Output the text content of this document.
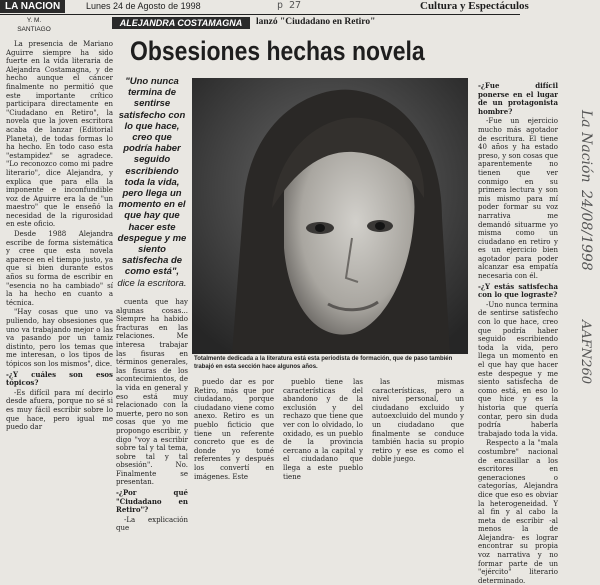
LA NACION	Lunes 24 de Agosto de 1998	p 27	Cultura y Espectáculos
Y. M.
SANTIAGO
ALEJANDRA COSTAMAGNA	lanzó "Ciudadano en Retiro"
Obsesiones hechas novela

La presencia de Mariano Aguirre siempre ha sido fuerte en la vida literaria de Alejandra Costamagna, y de hecho aunque el cáncer finalmente no permitió que este importante crítico participara directamente en "Ciudadano en Retiro", la novela que la joven escritora acaba de lanzar (Editorial Planeta), de todas formas lo ha hecho. En todo caso esta "estampidez" se agradece. "Lo reconozco como mi padre literario", dice Alejandra, y explica que para ella la imponente e inconfundible voz de Aguirre era la de "un maestro" que le enseñó la necesidad de la rigurosidad en este oficio.

Desde 1988 Alejandra escribe de forma sistemática y cree que esta novela aparece en el tiempo justo, ya que si bien durante estos años su forma de escribir en "esencia no ha cambiado" sí la ha hecho en cuanto a técnica.

"Hay cosas que uno va puliendo, hay obsesiones que uno va trabajando mejor o las va pasando por un tamiz distinto, pero los temas que me interesan, o los tipos de tópicos son los mismos", dice.

-¿Y cuáles son esos tópicos?

-Es difícil para mí decirlo desde afuera, porque no sé si es muy fácil escribir sobre lo que hace, pero igual me puedo dar

cuenta que hay algunas cosas... Siempre ha habido fracturas en las relaciones. Me interesa trabajar las fisuras en términos generales, las fisuras de los acontecimientos, de la vida en general y eso está muy relacionado con la muerte, pero no son cosas que yo me propongo escribir, y digo "voy a escribir sobre tal y tal tema, sobre tal y tal obsesión". No. Finalmente se presentan.

-¿Por qué "Ciudadano en Retiro"?

-La explicación que

puedo dar es por Retiro, más que por ciudadano, porque ciudadano viene como anexo. Retiro es un pueblo ficticio que tiene un referente concreto que es de donde yo tomé referentes y después los convertí en imágenes. Este

pueblo tiene las características del abandono y de la exclusión y del rechazo que tiene que ver con lo olvidado, lo oxidado, es un pueblo de la provincia cercano a la capital y el ciudadano que llega a este pueblo tiene

las mismas características, pero a nivel personal, un ciudadano excluido y autoexcluido del mundo y un ciudadano que finalmente se conduce también hacia su propio retiro y ese es como el doble juego.

-¿Fue difícil ponerse en el lugar de un protagonista hombre?

-Fue un ejercicio mucho más agotador de escritura. El tiene 40 años y ha estado preso, y son cosas que aparentemente no tienen que ver conmigo en su primera lectura y son mis mismo para mí poder formar su voz narrativa me demandó situarme yo misma como un ciudadano en retiro y es un ejercicio bien agotador para poder alcanzar esa empatía necesaria con él.

-¿Y estás satisfecha con lo que lograste?

-Uno nunca termina de sentirse satisfecho con lo que hace, creo que podría haber seguido escribiendo toda la vida, pero llega un momento en el que hay que hacer este despegue y me siento satisfecha de como está, en eso lo que hice y es la historia que quería contar, pero sin duda podría haberla trabajado toda la vida.

Respecto a la "mala costumbre" nacional de encasillar a los escritores en generaciones o categorías, Alejandra dice que eso es obviar la heterogeneidad. Y al fin y al cabo la meta de escribir -al menos la de Alejandra- es lograr encontrar su propia voz narrativa y no formar parte de un "ejército" literario determinado.

"Uno nunca termina de sentirse satisfecho con lo que hace, creo que podría haber seguido escribiendo toda la vida, pero llega un momento en el que hay que hacer este despegue y me siento satisfecha de como está", dice la escritora.
Totalmente dedicada a la literatura está esta periodista de formación, que de paso también trabajó en esta sección hace algunos años.
La Nación
24/08/1998
AAFN260
